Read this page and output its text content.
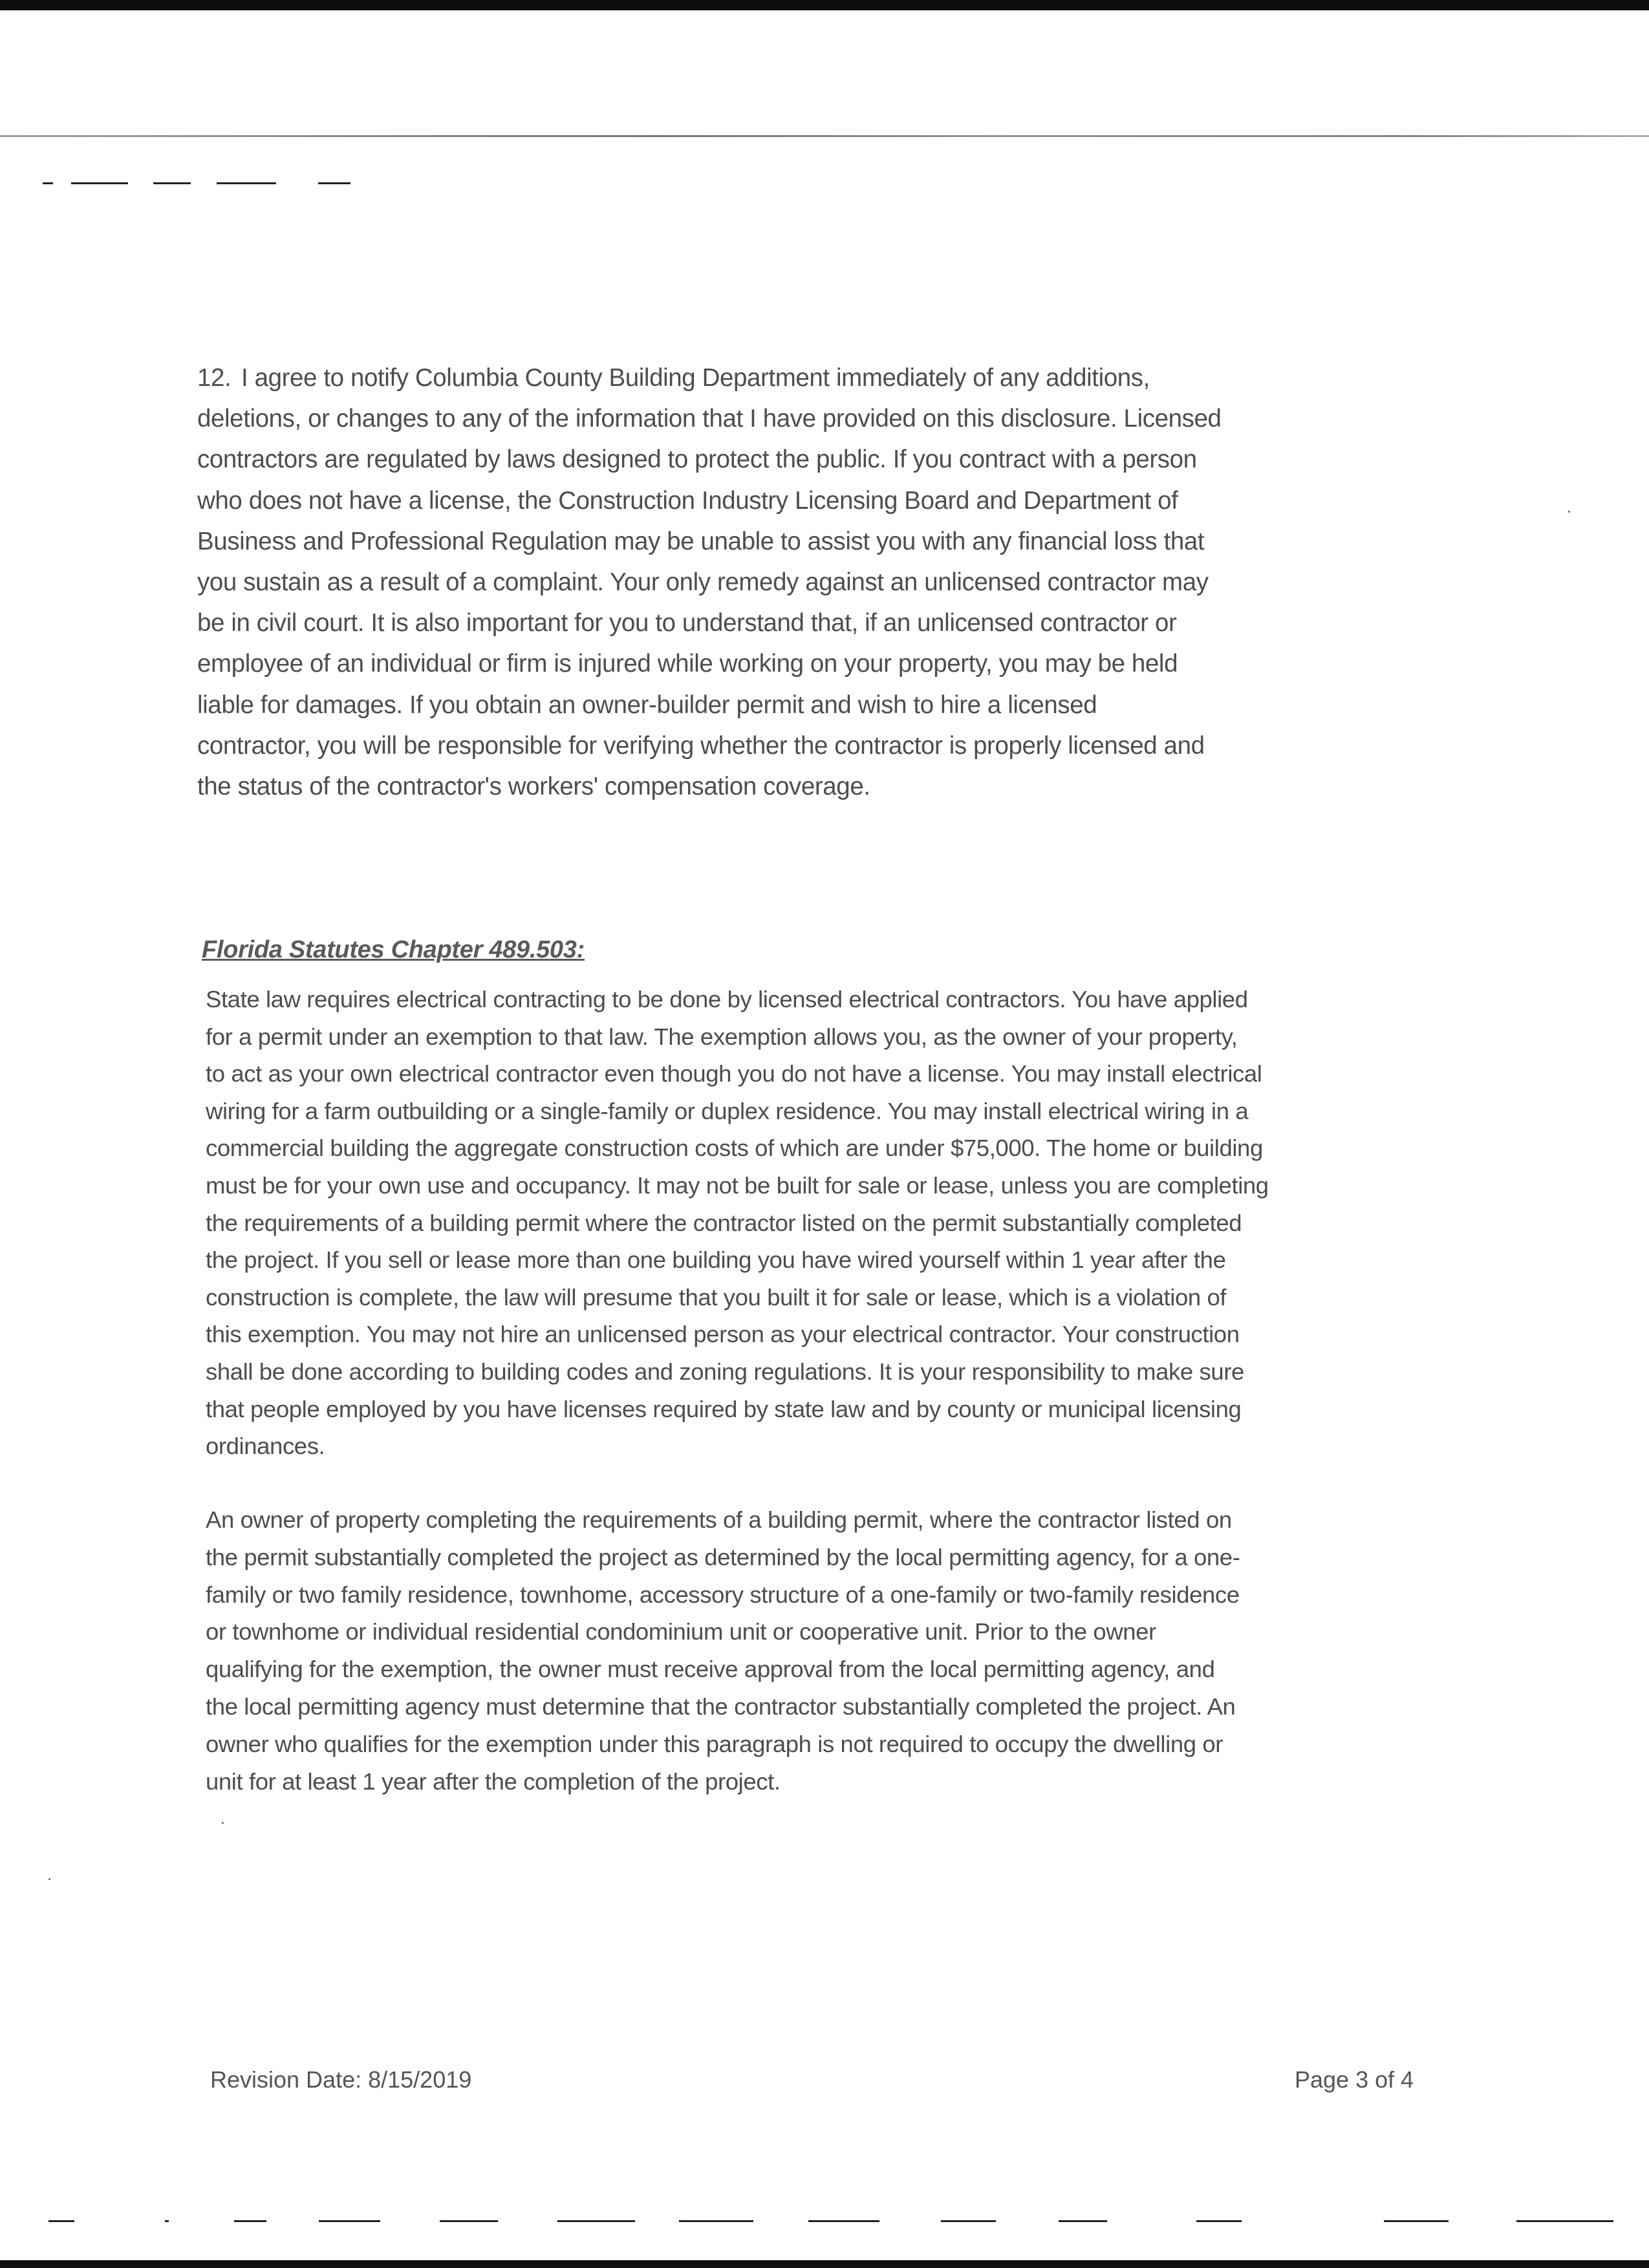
12. I agree to notify Columbia County Building Department immediately of any additions,
deletions, or changes to any of the information that I have provided on this disclosure. Licensed
contractors are regulated by laws designed to protect the public. If you contract with a person
who does not have a license, the Construction Industry Licensing Board and Department of
Business and Professional Regulation may be unable to assist you with any financial loss that
you sustain as a result of a complaint. Your only remedy against an unlicensed contractor may
be in civil court. It is also important for you to understand that, if an unlicensed contractor or
employee of an individual or firm is injured while working on your property, you may be held
liable for damages. If you obtain an owner-builder permit and wish to hire a licensed
contractor, you will be responsible for verifying whether the contractor is properly licensed and
the status of the contractor's workers' compensation coverage.
Florida Statutes Chapter 489.503:
State law requires electrical contracting to be done by licensed electrical contractors. You have applied
for a permit under an exemption to that law. The exemption allows you, as the owner of your property,
to act as your own electrical contractor even though you do not have a license. You may install electrical
wiring for a farm outbuilding or a single-family or duplex residence. You may install electrical wiring in a
commercial building the aggregate construction costs of which are under $75,000. The home or building
must be for your own use and occupancy. It may not be built for sale or lease, unless you are completing
the requirements of a building permit where the contractor listed on the permit substantially completed
the project. If you sell or lease more than one building you have wired yourself within 1 year after the
construction is complete, the law will presume that you built it for sale or lease, which is a violation of
this exemption. You may not hire an unlicensed person as your electrical contractor. Your construction
shall be done according to building codes and zoning regulations. It is your responsibility to make sure
that people employed by you have licenses required by state law and by county or municipal licensing
ordinances.
An owner of property completing the requirements of a building permit, where the contractor listed on
the permit substantially completed the project as determined by the local permitting agency, for a one-
family or two family residence, townhome, accessory structure of a one-family or two-family residence
or townhome or individual residential condominium unit or cooperative unit. Prior to the owner
qualifying for the exemption, the owner must receive approval from the local permitting agency, and
the local permitting agency must determine that the contractor substantially completed the project. An
owner who qualifies for the exemption under this paragraph is not required to occupy the dwelling or
unit for at least 1 year after the completion of the project.
Revision Date: 8/15/2019	Page 3 of 4
